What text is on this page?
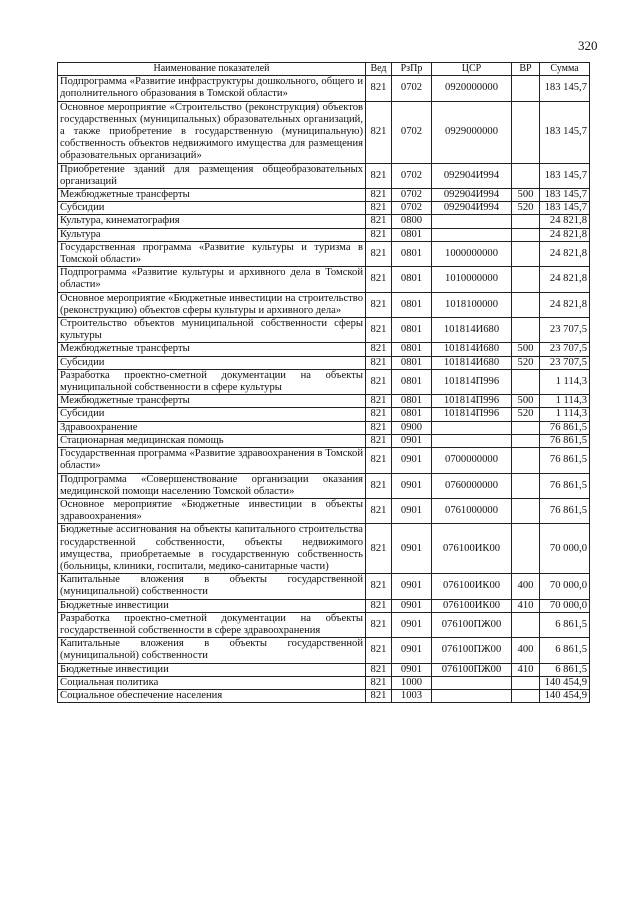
320
Наименование показателей	Вед	РзПр	ЦСР	ВР	Сумма
Подпрограмма «Развитие инфраструктуры дошкольного, общего и дополнительного образования в Томской области»	821	0702	0920000000		183 145,7
Основное мероприятие «Строительство (реконструкция) объектов государственных (муниципальных) образовательных организаций, а также приобретение в государственную (муниципальную) собственность объектов недвижимого имущества для размещения образовательных организаций»	821	0702	0929000000		183 145,7
Приобретение зданий для размещения общеобразовательных организаций	821	0702	092904И994		183 145,7
Межбюджетные трансферты	821	0702	092904И994	500	183 145,7
Субсидии	821	0702	092904И994	520	183 145,7
Культура, кинематография	821	0800			24 821,8
Культура	821	0801			24 821,8
Государственная программа «Развитие культуры и туризма в Томской области»	821	0801	1000000000		24 821,8
Подпрограмма «Развитие культуры и архивного дела в Томской области»	821	0801	1010000000		24 821,8
Основное мероприятие «Бюджетные инвестиции на строительство (реконструкцию) объектов сферы культуры и архивного дела»	821	0801	1018100000		24 821,8
Строительство объектов муниципальной собственности сферы культуры	821	0801	101814И680		23 707,5
Межбюджетные трансферты	821	0801	101814И680	500	23 707,5
Субсидии	821	0801	101814И680	520	23 707,5
Разработка проектно-сметной документации на объекты муниципальной собственности в сфере культуры	821	0801	101814П996		1 114,3
Межбюджетные трансферты	821	0801	101814П996	500	1 114,3
Субсидии	821	0801	101814П996	520	1 114,3
Здравоохранение	821	0900			76 861,5
Стационарная медицинская помощь	821	0901			76 861,5
Государственная программа «Развитие здравоохранения в Томской области»	821	0901	0700000000		76 861,5
Подпрограмма «Совершенствование организации оказания медицинской помощи населению Томской области»	821	0901	0760000000		76 861,5
Основное мероприятие «Бюджетные инвестиции в объекты здравоохранения»	821	0901	0761000000		76 861,5
Бюджетные ассигнования на объекты капитального строительства государственной собственности, объекты недвижимого имущества, приобретаемые в государственную собственность (больницы, клиники, госпитали, медико-санитарные части)	821	0901	076100ИК00		70 000,0
Капитальные вложения в объекты государственной (муниципальной) собственности	821	0901	076100ИК00	400	70 000,0
Бюджетные инвестиции	821	0901	076100ИК00	410	70 000,0
Разработка проектно-сметной документации на объекты государственной собственности в сфере здравоохранения	821	0901	076100ПЖ00		6 861,5
Капитальные вложения в объекты государственной (муниципальной) собственности	821	0901	076100ПЖ00	400	6 861,5
Бюджетные инвестиции	821	0901	076100ПЖ00	410	6 861,5
Социальная политика	821	1000			140 454,9
Социальное обеспечение населения	821	1003			140 454,9
